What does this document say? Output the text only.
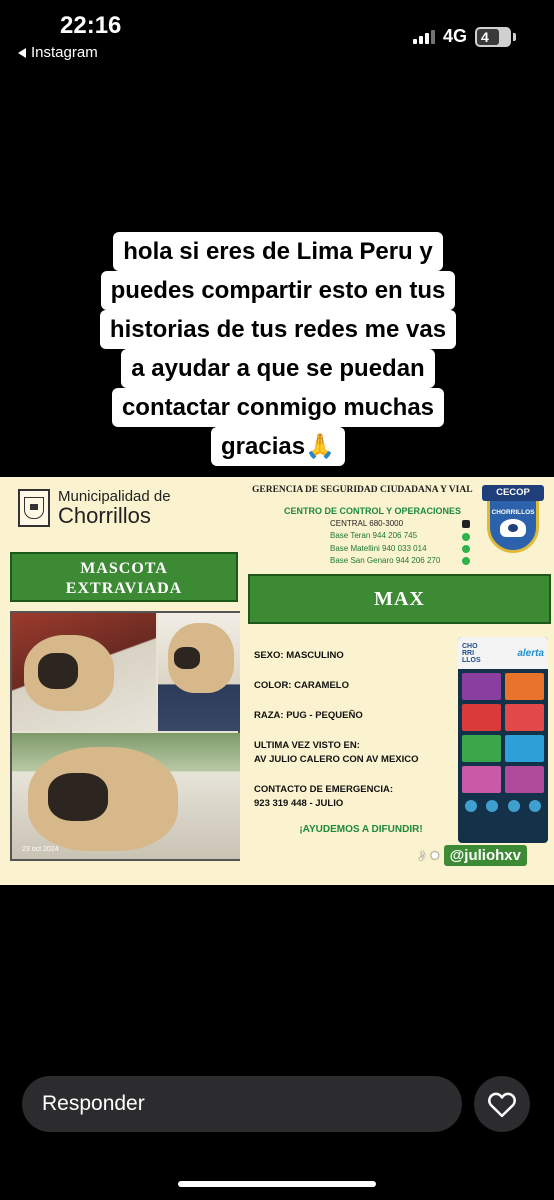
22:16
Instagram
4G 4
hola si eres de Lima Peru y
puedes compartir esto en tus
historias de tus redes me vas
a ayudar a que se puedan
contactar conmigo muchas
gracias🙏
Municipalidad de
Chorrillos
GERENCIA DE SEGURIDAD CIUDADANA Y VIAL
CENTRO DE CONTROL Y OPERACIONES
CENTRAL 680-3000
Base Teran 944 206 745
Base Matellini 940 033 014
Base San Genaro 944 206 270
CECOP
CHORRILLOS
MASCOTA
EXTRAVIADA	MAX
23 oct 2024
SEXO: MASCULINO
COLOR: CARAMELO
RAZA: PUG - PEQUEÑO
ULTIMA VEZ VISTO EN:
AV JULIO CALERO CON AV MEXICO
CONTACTO DE EMERGENCIA:
923 319 448 - JULIO
¡AYUDEMOS A DIFUNDIR!
CHO RRI LLOS
alerta
♪ ● @juliohxv
Responder
